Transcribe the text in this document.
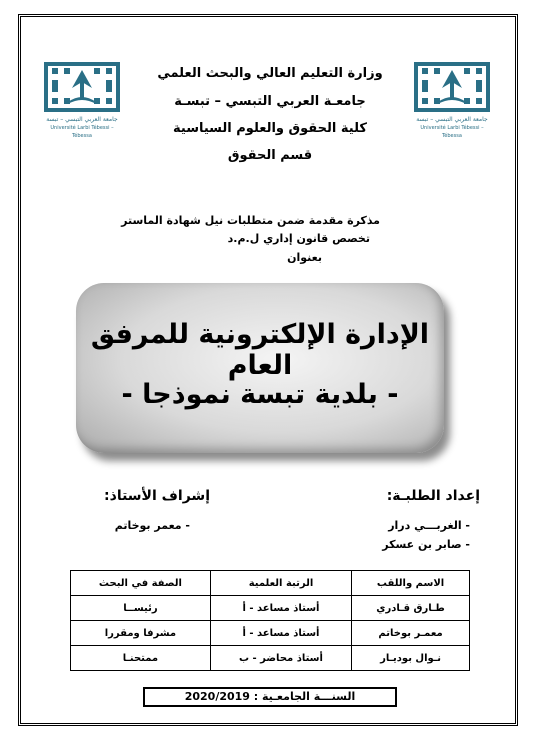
جامعة العربي التبسي – تبسة
Université Larbi Tébessi – Tébessa
جامعة العربي التبسي – تبسة
Université Larbi Tébessi – Tébessa
وزارة التعليم العالي والبحث العلمي
جامعـة العربي التبسي – تبسـة
كلية الحقوق والعلوم السياسية
قسم الحقوق
مذكرة مقدمة ضمن متطلبات نيل شهادة الماستر
تخصص قانون إداري ل.م.د
بعنوان
الإدارة الإلكترونية للمرفق العام
- بلدية تبسة نموذجا -
إعداد الطلبـة:
- الغربـــي درار
- صابر بن عسكر
إشراف الأستاذ:
- معمر بوخاتم
الاسم واللقب	الرتبة العلمية	الصفة في البحث
طـارق قـادري	أستاذ مساعد - أ	رئيســا
معمـر بوخاتم	أستاذ مساعد - أ	مشرفا ومقررا
نـوال بوديـار	أستاذ محاضر - ب	ممتحنـا
السنـــة الجامعـية : 2020/2019
